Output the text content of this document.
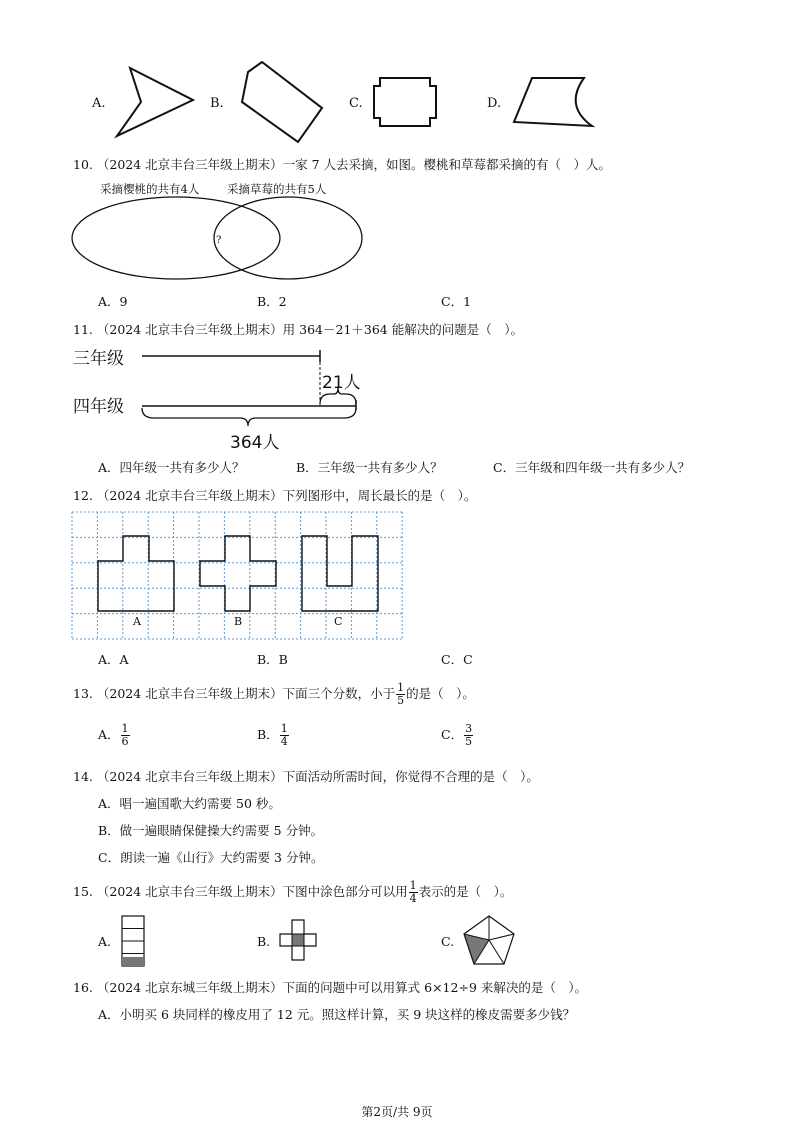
A.	B.	C.	D.
10. （2024 北京丰台三年级上期末）一家 7 人去采摘，如图。樱桃和草莓都采摘的有（　）人。
采摘樱桃的共有4人 采摘草莓的共有5人
?
A．9	B．2	C．1
11. （2024 北京丰台三年级上期末）用 364－21＋364 能解决的问题是（　）。
三年级
四年级
21人
364人
A．四年级一共有多少人？	B．三年级一共有多少人？	C．三年级和四年级一共有多少人？
12. （2024 北京丰台三年级上期末）下列图形中，周长最长的是（　）。
A	B	C
A．A	B．B	C．C
13. （2024 北京丰台三年级上期末）下面三个分数，小于 $\frac{1}{5}$ 的是（　）。
A． $\frac{1}{6}$	B． $\frac{1}{4}$	C． $\frac{3}{5}$
14. （2024 北京丰台三年级上期末）下面活动所需时间，你觉得不合理的是（　）。
A．唱一遍国歌大约需要 50 秒。
B．做一遍眼睛保健操大约需要 5 分钟。
C．朗读一遍《山行》大约需要 3 分钟。
15. （2024 北京丰台三年级上期末）下图中涂色部分可以用 $\frac{1}{4}$ 表示的是（　）。
A.	B.	C.
16. （2024 北京东城三年级上期末）下面的问题中可以用算式 6×12÷9 来解决的是（　）。
A．小明买 6 块同样的橡皮用了 12 元。照这样计算，买 9 块这样的橡皮需要多少钱？
第2页/共 9页
